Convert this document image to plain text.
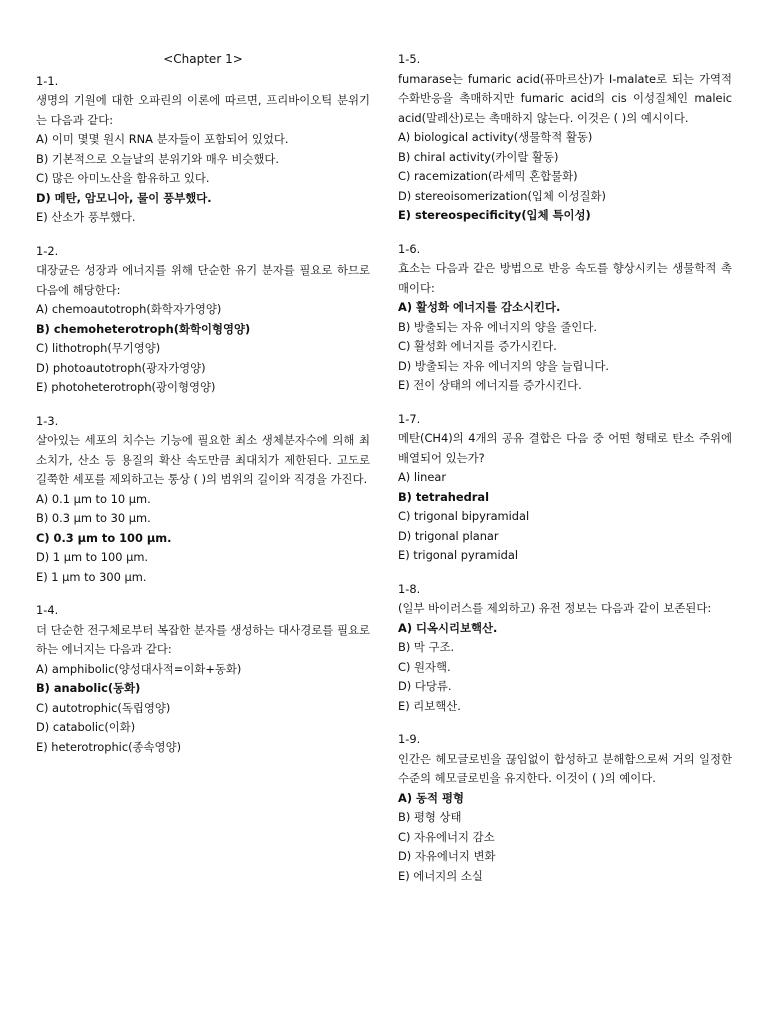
<Chapter 1>
1-1.
생명의 기원에 대한 오파린의 이론에 따르면, 프리바이오틱 분위기는 다음과 같다:
A) 이미 몇몇 원시 RNA 분자들이 포함되어 있었다.
B) 기본적으로 오늘날의 분위기와 매우 비슷했다.
C) 많은 아미노산을 함유하고 있다.
D) 메탄, 암모니아, 물이 풍부했다.
E) 산소가 풍부했다.
1-2.
대장균은 성장과 에너지를 위해 단순한 유기 분자를 필요로 하므로 다음에 해당한다:
A) chemoautotroph(화학자가영양)
B) chemoheterotroph(화학이형영양)
C) lithotroph(무기영양)
D) photoautotroph(광자가영양)
E) photoheterotroph(광이형영양)
1-3.
살아있는 세포의 치수는 기능에 필요한 최소 생체분자수에 의해 최소치가, 산소 등 용질의 확산 속도만큼 최대치가 제한된다. 고도로 길쭉한 세포를 제외하고는 통상 ( )의 범위의 길이와 직경을 가진다.
A) 0.1 μm to 10 μm.
B) 0.3 μm to 30 μm.
C) 0.3 μm to 100 μm.
D) 1 μm to 100 μm.
E) 1 μm to 300 μm.
1-4.
더 단순한 전구체로부터 복잡한 분자를 생성하는 대사경로를 필요로 하는 에너지는 다음과 같다:
A) amphibolic(양성대사적=이화+동화)
B) anabolic(동화)
C) autotrophic(독립영양)
D) catabolic(이화)
E) heterotrophic(종속영양)
1-5.
fumarase는 fumaric acid(퓨마르산)가 I-malate로 되는 가역적 수화반응을 촉매하지만 fumaric acid의 cis 이성질체인 maleic acid(말레산)로는 촉매하지 않는다. 이것은 ( )의 예시이다.
A) biological activity(생물학적 활동)
B) chiral activity(카이랄 활동)
C) racemization(라세믹 혼합물화)
D) stereoisomerization(입체 이성질화)
E) stereospecificity(입체 특이성)
1-6.
효소는 다음과 같은 방법으로 반응 속도를 향상시키는 생물학적 촉매이다:
A) 활성화 에너지를 감소시킨다.
B) 방출되는 자유 에너지의 양을 줄인다.
C) 활성화 에너지를 증가시킨다.
D) 방출되는 자유 에너지의 양을 늘립니다.
E) 전이 상태의 에너지를 증가시킨다.
1-7.
메탄(CH4)의 4개의 공유 결합은 다음 중 어떤 형태로 탄소 주위에 배열되어 있는가?
A) linear
B) tetrahedral
C) trigonal bipyramidal
D) trigonal planar
E) trigonal pyramidal
1-8.
(일부 바이러스를 제외하고) 유전 정보는 다음과 같이 보존된다:
A) 디옥시리보핵산.
B) 막 구조.
C) 원자핵.
D) 다당류.
E) 리보핵산.
1-9.
인간은 헤모글로빈을 끊임없이 합성하고 분해함으로써 거의 일정한 수준의 헤모글로빈을 유지한다. 이것이 ( )의 예이다.
A) 동적 평형
B) 평형 상태
C) 자유에너지 감소
D) 자유에너지 변화
E) 에너지의 소실
